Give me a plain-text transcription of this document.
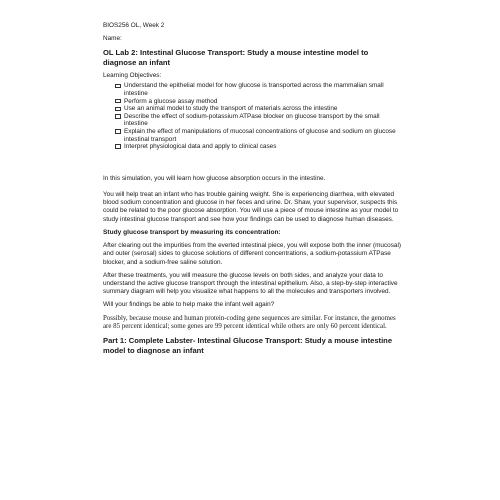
BIOS256 OL, Week 2

Name:

OL Lab 2: Intestinal Glucose Transport: Study a mouse intestine model to diagnose an infant

Learning Objectives:

Understand the epithelial model for how glucose is transported across the mammalian small intestine
Perform a glucose assay method
Use an animal model to study the transport of materials across the intestine
Describe the effect of sodium-potassium ATPase blocker on glucose transport by the small intestine
Explain the effect of manipulations of mucosal concentrations of glucose and sodium on glucose intestinal transport
Interpret physiological data and apply to clinical cases

In this simulation, you will learn how glucose absorption occurs in the intestine.

You will help treat an infant who has trouble gaining weight. She is experiencing diarrhea, with elevated blood sodium concentration and glucose in her feces and urine. Dr. Shaw, your supervisor, suspects this could be related to the poor glucose absorption. You will use a piece of mouse intestine as your model to study intestinal glucose transport and see how your findings can be used to diagnose human diseases.

Study glucose transport by measuring its concentration:

After clearing out the impurities from the everted intestinal piece, you will expose both the inner (mucosal) and outer (serosal) sides to glucose solutions of different concentrations, a sodium-potassium ATPase blocker, and a sodium-free saline solution.

After these treatments, you will measure the glucose levels on both sides, and analyze your data to understand the active glucose transport through the intestinal epithelium. Also, a step-by-step interactive summary diagram will help you visualize what happens to all the molecules and transporters involved.

Will your findings be able to help make the infant well again?

Possibly, because mouse and human protein-coding gene sequences are similar. For instance, the genomes are 85 percent identical; some genes are 99 percent identical while others are only 60 percent identical.

Part 1: Complete Labster- Intestinal Glucose Transport: Study a mouse intestine model to diagnose an infant
